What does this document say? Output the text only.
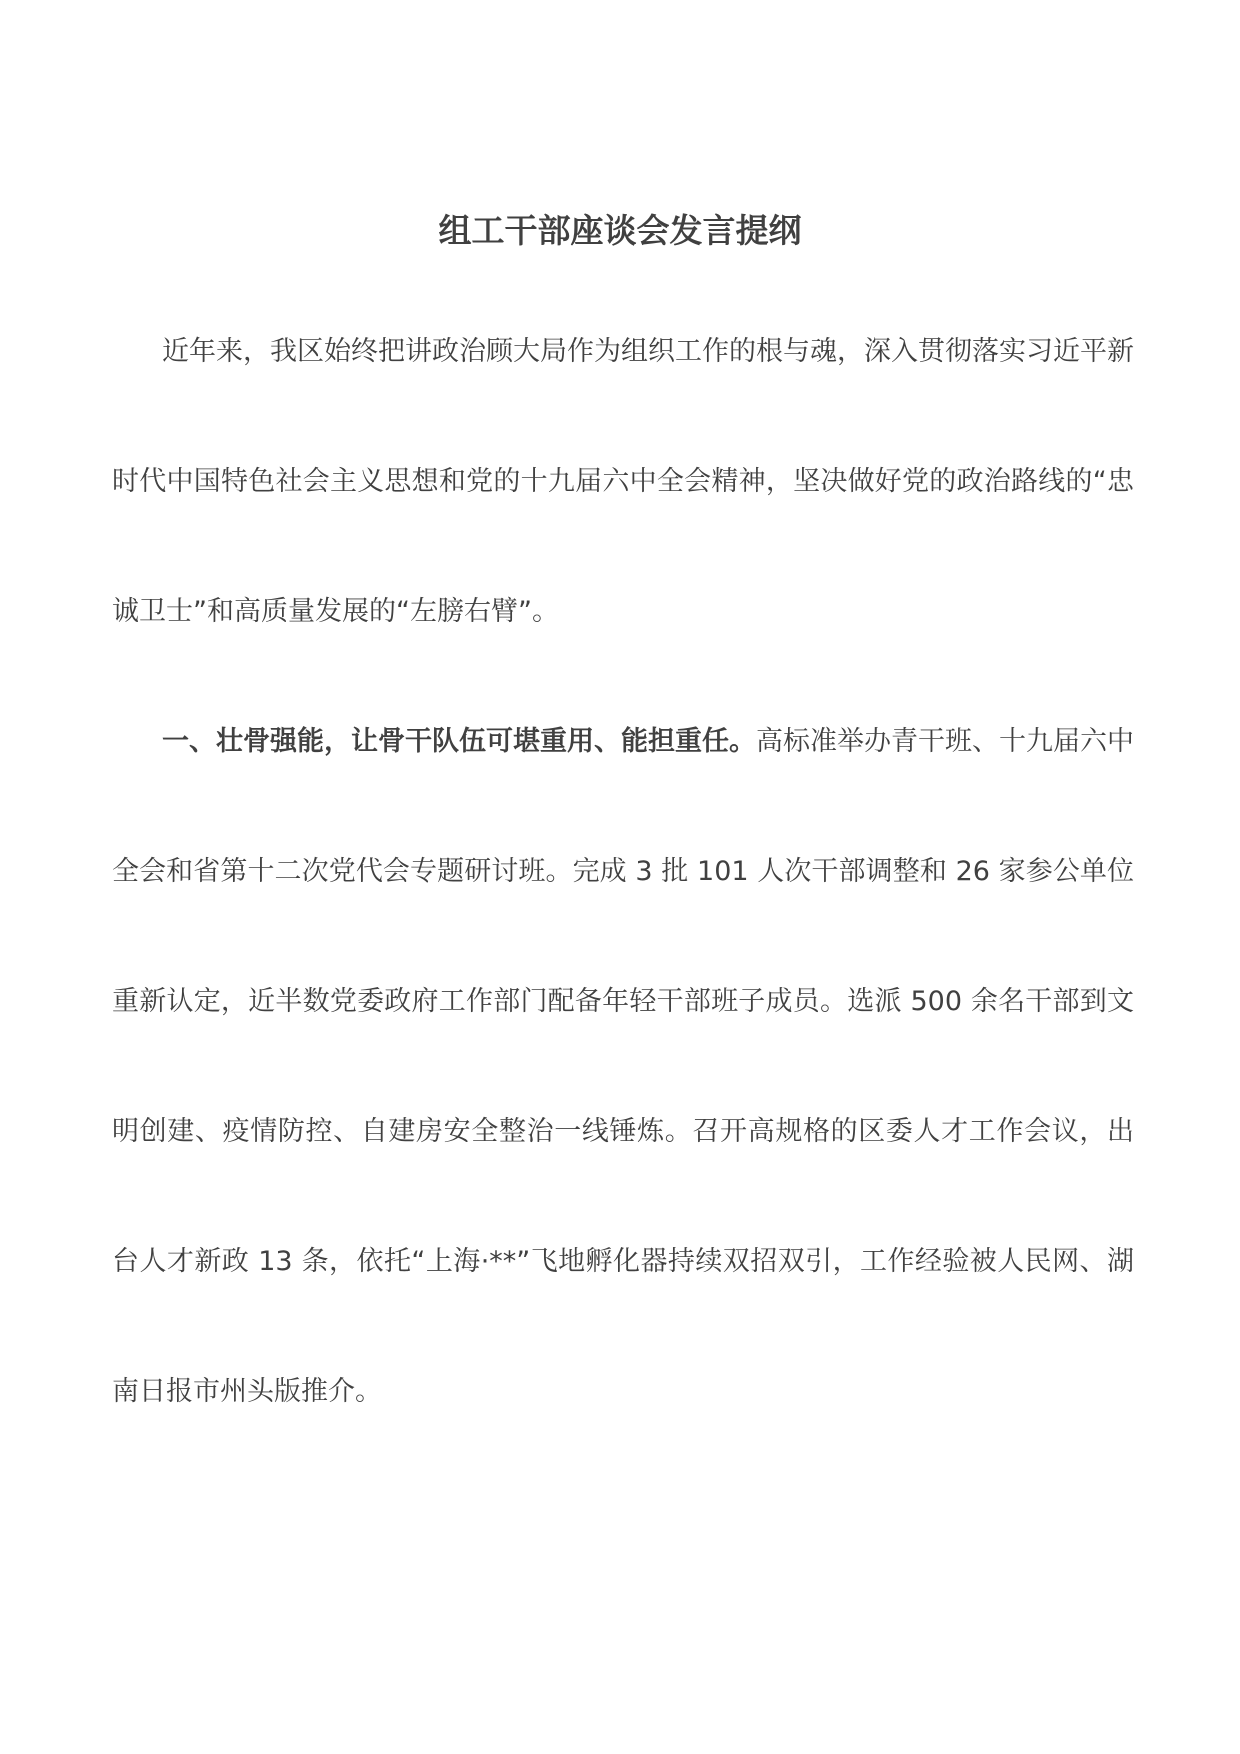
组工干部座谈会发言提纲

近年来，我区始终把讲政治顾大局作为组织工作的根与魂，深入贯彻落实习近平新时代中国特色社会主义思想和党的十九届六中全会精神，坚决做好党的政治路线的“忠诚卫士”和高质量发展的“左膀右臂”。

一、壮骨强能，让骨干队伍可堪重用、能担重任。高标准举办青干班、十九届六中全会和省第十二次党代会专题研讨班。完成 3 批 101 人次干部调整和 26 家参公单位重新认定，近半数党委政府工作部门配备年轻干部班子成员。选派 500 余名干部到文明创建、疫情防控、自建房安全整治一线锤炼。召开高规格的区委人才工作会议，出台人才新政 13 条，依托“上海·**”飞地孵化器持续双招双引，工作经验被人民网、湖南日报市州头版推介。
